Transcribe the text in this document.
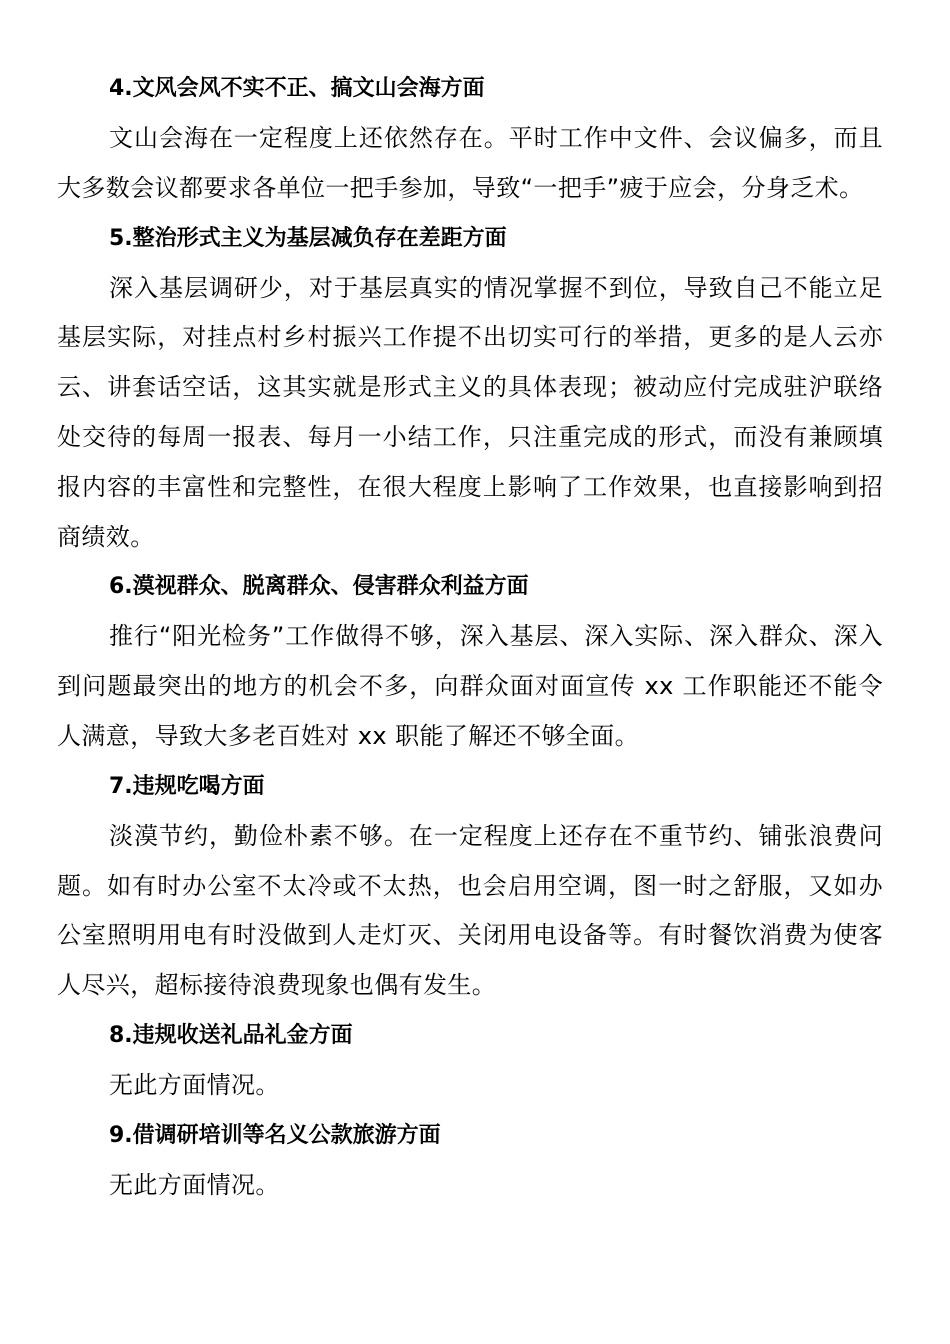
4.文风会风不实不正、搞文山会海方面

文山会海在一定程度上还依然存在。平时工作中文件、会议偏多，而且大多数会议都要求各单位一把手参加，导致“一把手”疲于应会，分身乏术。

5.整治形式主义为基层减负存在差距方面

深入基层调研少，对于基层真实的情况掌握不到位，导致自己不能立足基层实际，对挂点村乡村振兴工作提不出切实可行的举措，更多的是人云亦云、讲套话空话，这其实就是形式主义的具体表现；被动应付完成驻沪联络处交待的每周一报表、每月一小结工作，只注重完成的形式，而没有兼顾填报内容的丰富性和完整性，在很大程度上影响了工作效果，也直接影响到招商绩效。

6.漠视群众、脱离群众、侵害群众利益方面

推行“阳光检务”工作做得不够，深入基层、深入实际、深入群众、深入到问题最突出的地方的机会不多，向群众面对面宣传 xx 工作职能还不能令人满意，导致大多老百姓对 xx 职能了解还不够全面。

7.违规吃喝方面

淡漠节约，勤俭朴素不够。在一定程度上还存在不重节约、铺张浪费问题。如有时办公室不太冷或不太热，也会启用空调，图一时之舒服，又如办公室照明用电有时没做到人走灯灭、关闭用电设备等。有时餐饮消费为使客人尽兴，超标接待浪费现象也偶有发生。

8.违规收送礼品礼金方面

无此方面情况。

9.借调研培训等名义公款旅游方面

无此方面情况。
